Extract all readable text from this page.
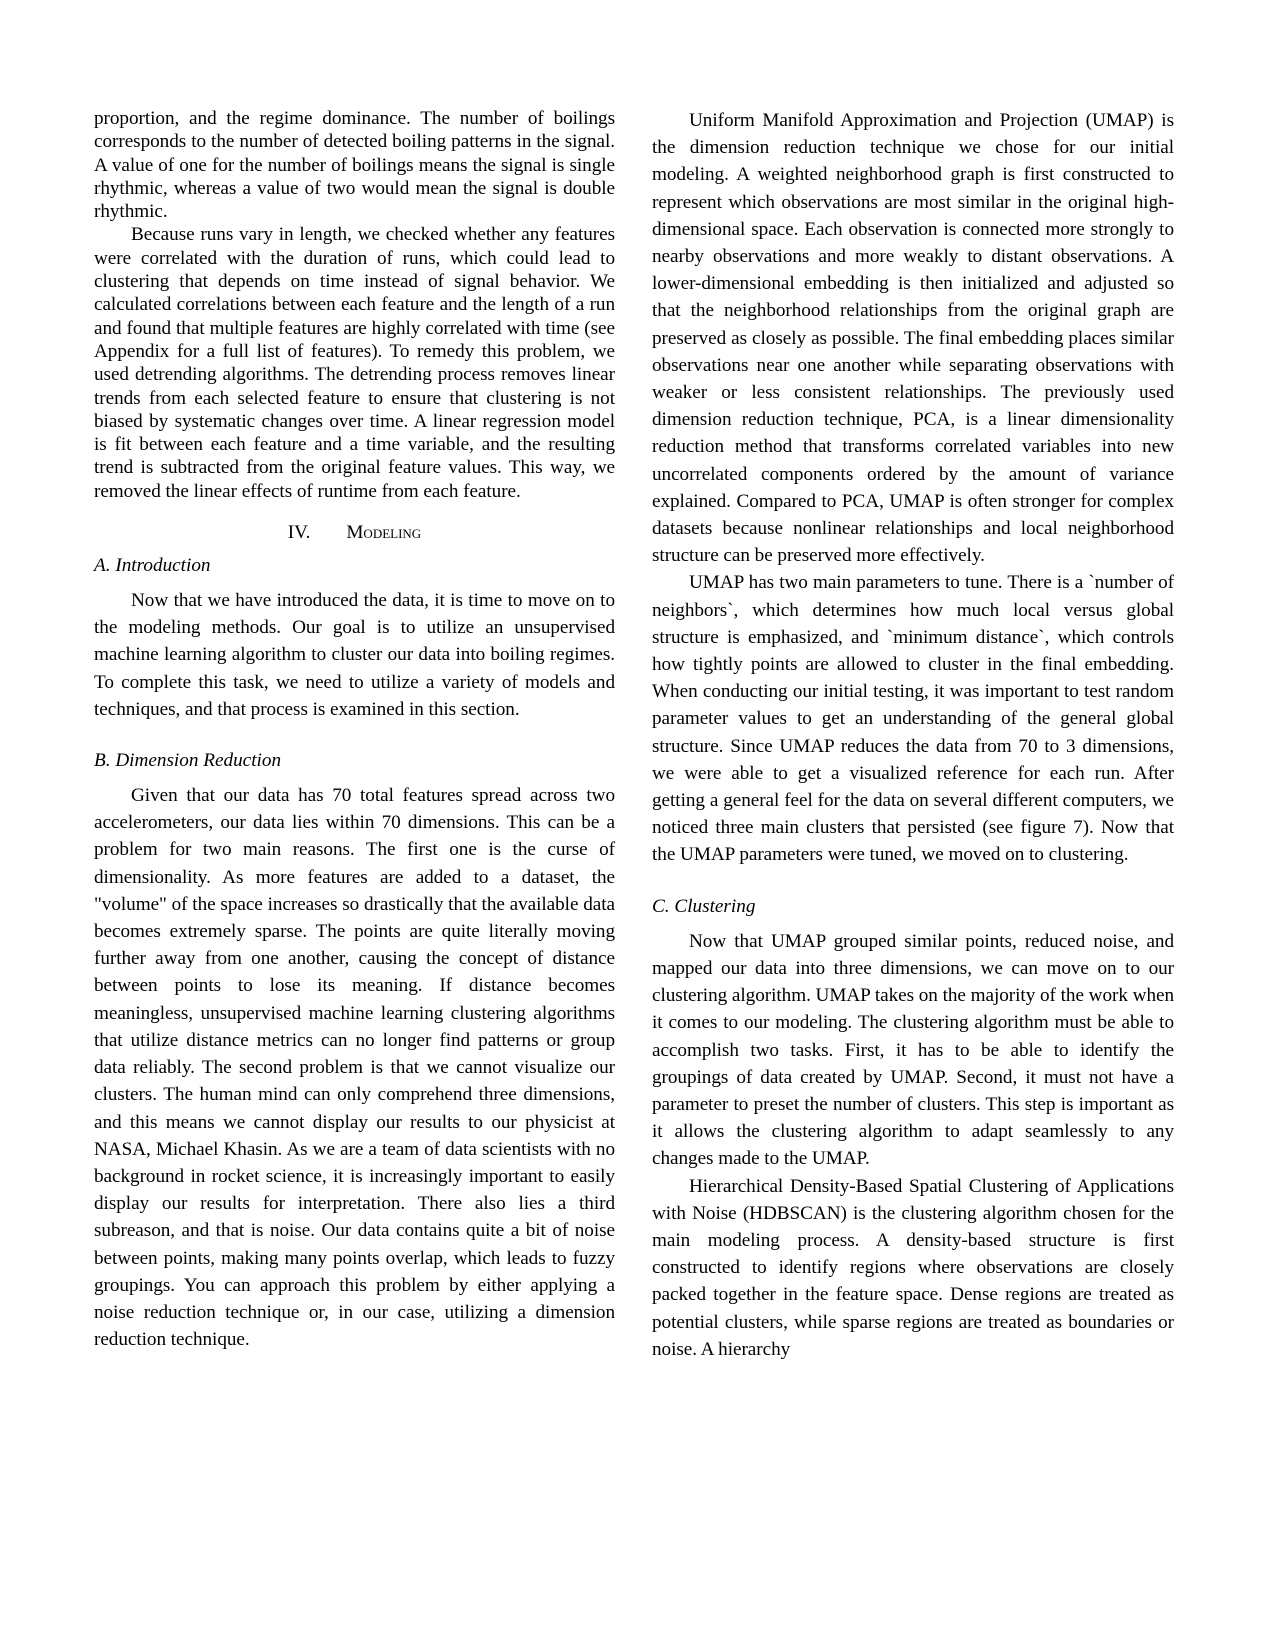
proportion, and the regime dominance. The number of boilings corresponds to the number of detected boiling patterns in the signal. A value of one for the number of boilings means the signal is single rhythmic, whereas a value of two would mean the signal is double rhythmic.

Because runs vary in length, we checked whether any features were correlated with the duration of runs, which could lead to clustering that depends on time instead of signal behavior. We calculated correlations between each feature and the length of a run and found that multiple features are highly correlated with time (see Appendix for a full list of features). To remedy this problem, we used detrending algorithms. The detrending process removes linear trends from each selected feature to ensure that clustering is not biased by systematic changes over time. A linear regression model is fit between each feature and a time variable, and the resulting trend is subtracted from the original feature values. This way, we removed the linear effects of runtime from each feature.

IV. Modeling
A. Introduction

Now that we have introduced the data, it is time to move on to the modeling methods. Our goal is to utilize an unsupervised machine learning algorithm to cluster our data into boiling regimes. To complete this task, we need to utilize a variety of models and techniques, and that process is examined in this section.

B. Dimension Reduction

Given that our data has 70 total features spread across two accelerometers, our data lies within 70 dimensions. This can be a problem for two main reasons. The first one is the curse of dimensionality. As more features are added to a dataset, the "volume" of the space increases so drastically that the available data becomes extremely sparse. The points are quite literally moving further away from one another, causing the concept of distance between points to lose its meaning. If distance becomes meaningless, unsupervised machine learning clustering algorithms that utilize distance metrics can no longer find patterns or group data reliably. The second problem is that we cannot visualize our clusters. The human mind can only comprehend three dimensions, and this means we cannot display our results to our physicist at NASA, Michael Khasin. As we are a team of data scientists with no background in rocket science, it is increasingly important to easily display our results for interpretation. There also lies a third subreason, and that is noise. Our data contains quite a bit of noise between points, making many points overlap, which leads to fuzzy groupings. You can approach this problem by either applying a noise reduction technique or, in our case, utilizing a dimension reduction technique.

Uniform Manifold Approximation and Projection (UMAP) is the dimension reduction technique we chose for our initial modeling. A weighted neighborhood graph is first constructed to represent which observations are most similar in the original high-dimensional space. Each observation is connected more strongly to nearby observations and more weakly to distant observations. A lower-dimensional embedding is then initialized and adjusted so that the neighborhood relationships from the original graph are preserved as closely as possible. The final embedding places similar observations near one another while separating observations with weaker or less consistent relationships. The previously used dimension reduction technique, PCA, is a linear dimensionality reduction method that transforms correlated variables into new uncorrelated components ordered by the amount of variance explained. Compared to PCA, UMAP is often stronger for complex datasets because nonlinear relationships and local neighborhood structure can be preserved more effectively.

UMAP has two main parameters to tune. There is a `number of neighbors`, which determines how much local versus global structure is emphasized, and `minimum distance`, which controls how tightly points are allowed to cluster in the final embedding. When conducting our initial testing, it was important to test random parameter values to get an understanding of the general global structure. Since UMAP reduces the data from 70 to 3 dimensions, we were able to get a visualized reference for each run. After getting a general feel for the data on several different computers, we noticed three main clusters that persisted (see figure 7). Now that the UMAP parameters were tuned, we moved on to clustering.

C. Clustering

Now that UMAP grouped similar points, reduced noise, and mapped our data into three dimensions, we can move on to our clustering algorithm. UMAP takes on the majority of the work when it comes to our modeling. The clustering algorithm must be able to accomplish two tasks. First, it has to be able to identify the groupings of data created by UMAP. Second, it must not have a parameter to preset the number of clusters. This step is important as it allows the clustering algorithm to adapt seamlessly to any changes made to the UMAP.

Hierarchical Density-Based Spatial Clustering of Applications with Noise (HDBSCAN) is the clustering algorithm chosen for the main modeling process. A density-based structure is first constructed to identify regions where observations are closely packed together in the feature space. Dense regions are treated as potential clusters, while sparse regions are treated as boundaries or noise. A hierarchy
